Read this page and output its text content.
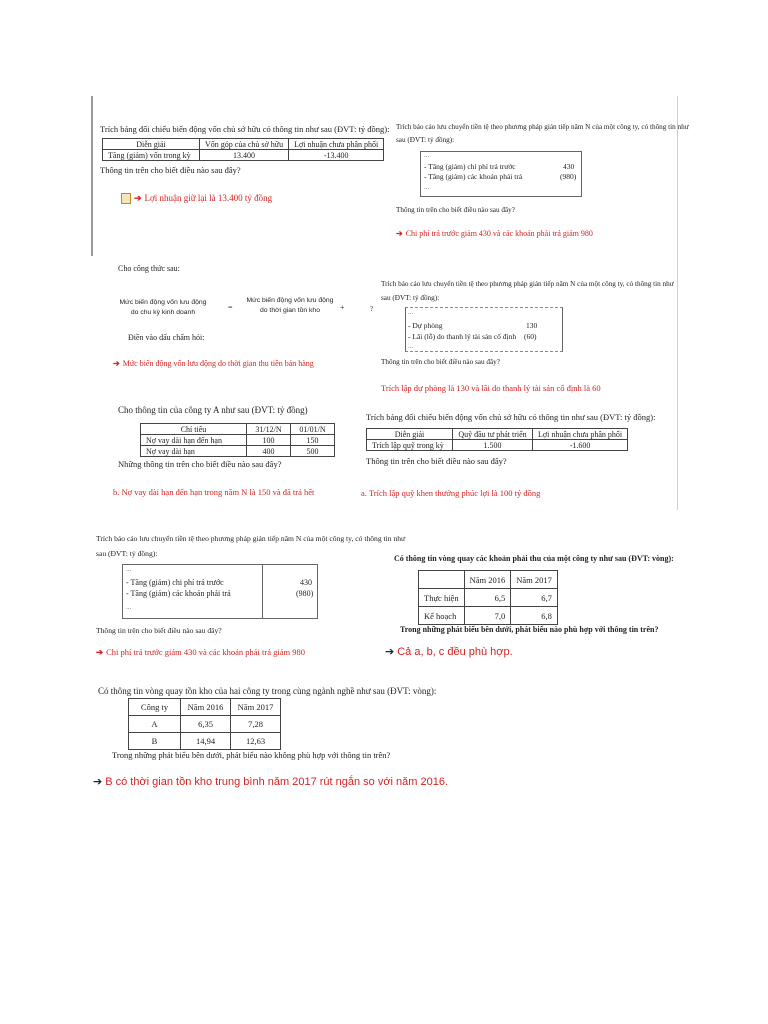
Trích bảng đối chiếu biến động vốn chủ sở hữu có thông tin như sau (ĐVT: tỷ đồng):
Diễn giải	Vốn góp của chủ sở hữu	Lợi nhuận chưa phân phối
Tăng (giảm) vốn trong kỳ	13.400	-13.400
Thông tin trên cho biết điều nào sau đây?
➔ Lợi nhuận giữ lại là 13.400 tỷ đồng
Trích báo cáo lưu chuyển tiền tệ theo phương pháp gián tiếp năm N của một công ty, có thông tin như
sau (ĐVT: tỷ đồng):
...
- Tăng (giảm) chi phí trả trước	430
- Tăng (giảm) các khoản phải trả	(980)
...
Thông tin trên cho biết điều nào sau đây?
➔ Chi phí trả trước giảm 430 và các khoản phải trả giảm 980
Cho công thức sau:
Mức biến động vốn lưu động
do chu kỳ kinh doanh
=
Mức biến động vốn lưu động
do thời gian tồn kho	+	?
Điền vào dấu chấm hỏi:
➔ Mức biến động vốn lưu động do thời gian thu tiền bán hàng
Trích báo cáo lưu chuyển tiền tệ theo phương pháp gián tiếp năm N của một công ty, có thông tin như
sau (ĐVT: tỷ đồng):
...
- Dự phòng	130
- Lãi (lỗ) do thanh lý tài sản cố định (60)
...
Thông tin trên cho biết điều nào sau đây?
Trích lập dự phòng là 130 và lãi do thanh lý tài sản cố định là 60
Cho thông tin của công ty A như sau (ĐVT: tỷ đồng)
Chỉ tiêu	31/12/N	01/01/N
Nợ vay dài hạn đến hạn	100	150
Nợ vay dài hạn	400	500
Những thông tin trên cho biết điều nào sau đây?
b. Nợ vay dài hạn đến hạn trong năm N là 150 và đã trả hết
Trích bảng đối chiếu biến động vốn chủ sở hữu có thông tin như sau (ĐVT: tỷ đồng):
Diễn giải	Quỹ đầu tư phát triển	Lợi nhuận chưa phân phối
Trích lập quỹ trong kỳ	1.500	-1.600
Thông tin trên cho biết điều nào sau đây?
a. Trích lập quỹ khen thưởng phúc lợi là 100 tỷ đồng
Trích báo cáo lưu chuyển tiền tệ theo phương pháp gián tiếp năm N của một công ty, có thông tin như
sau (ĐVT: tỷ đồng):
...
- Tăng (giảm) chi phí trả trước	430
- Tăng (giảm) các khoản phải trả	(980)
...
Thông tin trên cho biết điều nào sau đây?
➔ Chi phí trả trước giảm 430 và các khoản phải trả giảm 980
Có thông tin vòng quay các khoản phải thu của một công ty như sau (ĐVT: vòng):
	Năm 2016	Năm 2017
Thực hiện	6,5	6,7
Kế hoạch	7,0	6,8
Trong những phát biểu bên dưới, phát biểu nào phù hợp với thông tin trên?
➔ Cả a, b, c đều phù hợp.
Có thông tin vòng quay tồn kho của hai công ty trong cùng ngành nghề như sau (ĐVT: vòng):
Công ty	Năm 2016	Năm 2017
A	6,35	7,28
B	14,94	12,63
Trong những phát biểu bên dưới, phát biểu nào không phù hợp với thông tin trên?
➔ B có thời gian tồn kho trung bình năm 2017 rút ngắn so với năm 2016.
